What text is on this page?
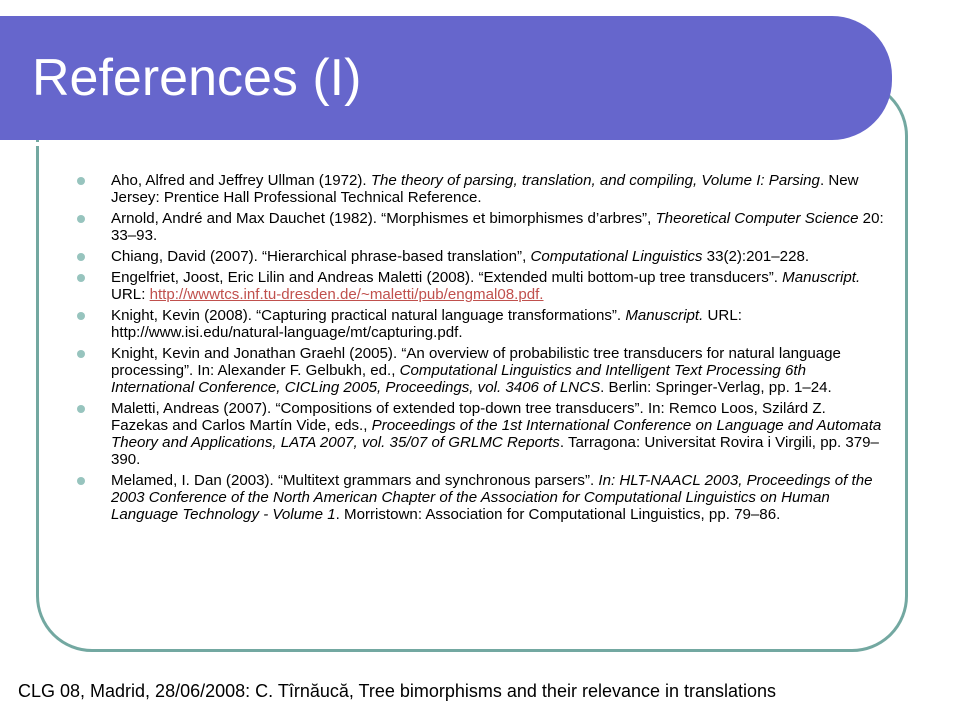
References (I)
Aho, Alfred and Jeffrey Ullman (1972). The theory of parsing, translation, and compiling, Volume I: Parsing. New Jersey: Prentice Hall Professional Technical Reference.
Arnold, André and Max Dauchet (1982). “Morphismes et bimorphismes d’arbres”, Theoretical Computer Science 20: 33–93.
Chiang, David (2007). “Hierarchical phrase-based translation”, Computational Linguistics 33(2):201–228.
Engelfriet, Joost, Eric Lilin and Andreas Maletti (2008). “Extended multi bottom-up tree transducers”. Manuscript. URL: http://wwwtcs.inf.tu-dresden.de/~maletti/pub/engmal08.pdf.
Knight, Kevin (2008). “Capturing practical natural language transformations”. Manuscript. URL: http://www.isi.edu/natural-language/mt/capturing.pdf.
Knight, Kevin and Jonathan Graehl (2005). “An overview of probabilistic tree transducers for natural language processing”. In: Alexander F. Gelbukh, ed., Computational Linguistics and Intelligent Text Processing 6th International Conference, CICLing 2005, Proceedings, vol. 3406 of LNCS. Berlin: Springer-Verlag, pp. 1–24.
Maletti, Andreas (2007). “Compositions of extended top-down tree transducers”. In: Remco Loos, Szilárd Z. Fazekas and Carlos Martín Vide, eds., Proceedings of the 1st International Conference on Language and Automata Theory and Applications, LATA 2007, vol. 35/07 of GRLMC Reports. Tarragona: Universitat Rovira i Virgili, pp. 379–390.
Melamed, I. Dan (2003). “Multitext grammars and synchronous parsers”. In: HLT-NAACL 2003, Proceedings of the 2003 Conference of the North American Chapter of the Association for Computational Linguistics on Human Language Technology - Volume 1. Morristown: Association for Computational Linguistics, pp. 79–86.
CLG 08, Madrid, 28/06/2008: C. Tîrnăucă, Tree bimorphisms and their relevance in translations
